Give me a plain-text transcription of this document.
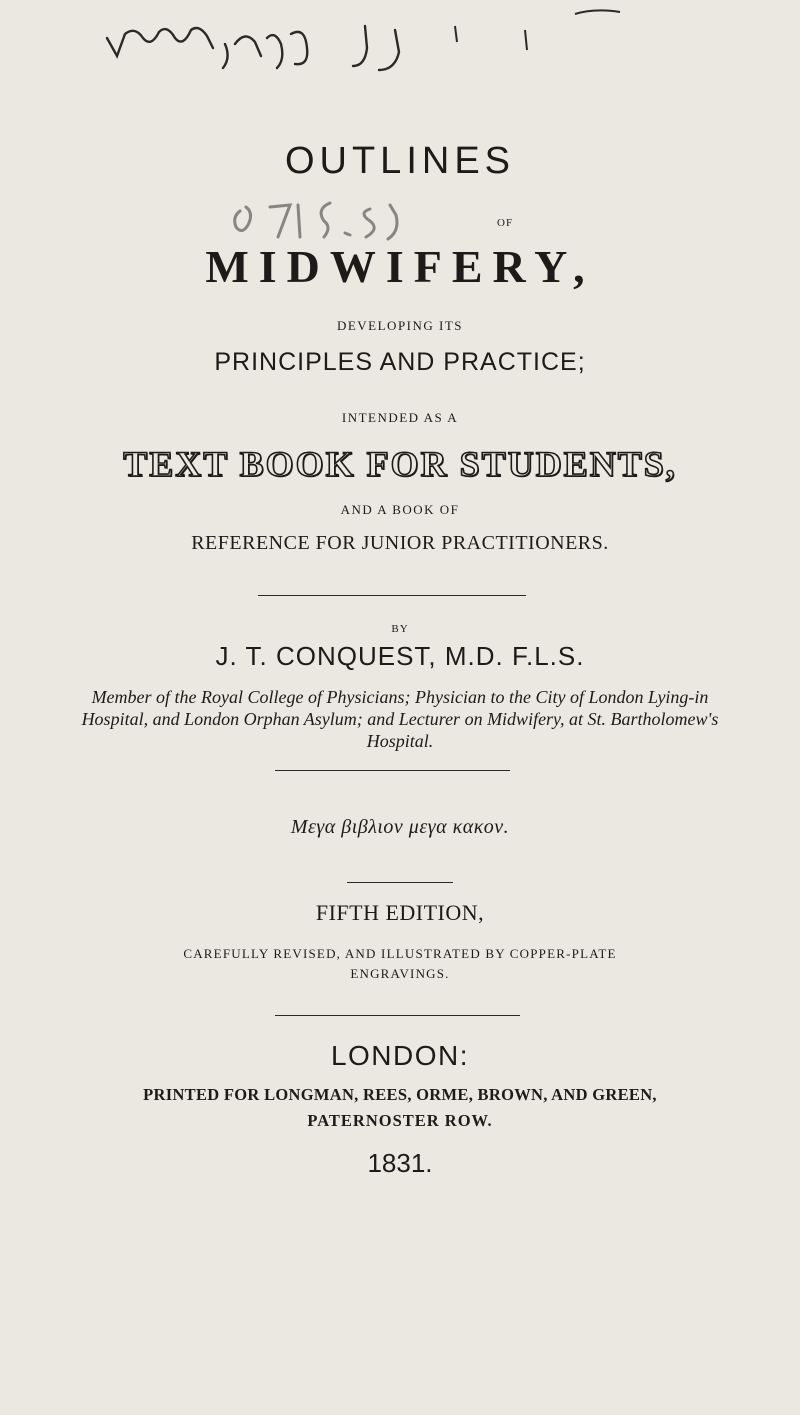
OUTLINES
OF
MIDWIFERY,
DEVELOPING ITS
PRINCIPLES AND PRACTICE;
INTENDED AS A
TEXT BOOK FOR STUDENTS,
AND A BOOK OF
REFERENCE FOR JUNIOR PRACTITIONERS.
BY
J. T. CONQUEST, M.D. F.L.S.
Member of the Royal College of Physicians; Physician to the City of London Lying-in Hospital, and London Orphan Asylum; and Lecturer on Midwifery, at St. Bartholomew's Hospital.
Μεγα βιβλιον μεγα κακον.
FIFTH EDITION,
CAREFULLY REVISED, AND ILLUSTRATED BY COPPER-PLATE
ENGRAVINGS.
LONDON:
PRINTED FOR LONGMAN, REES, ORME, BROWN, AND GREEN,
PATERNOSTER ROW.
1831.
